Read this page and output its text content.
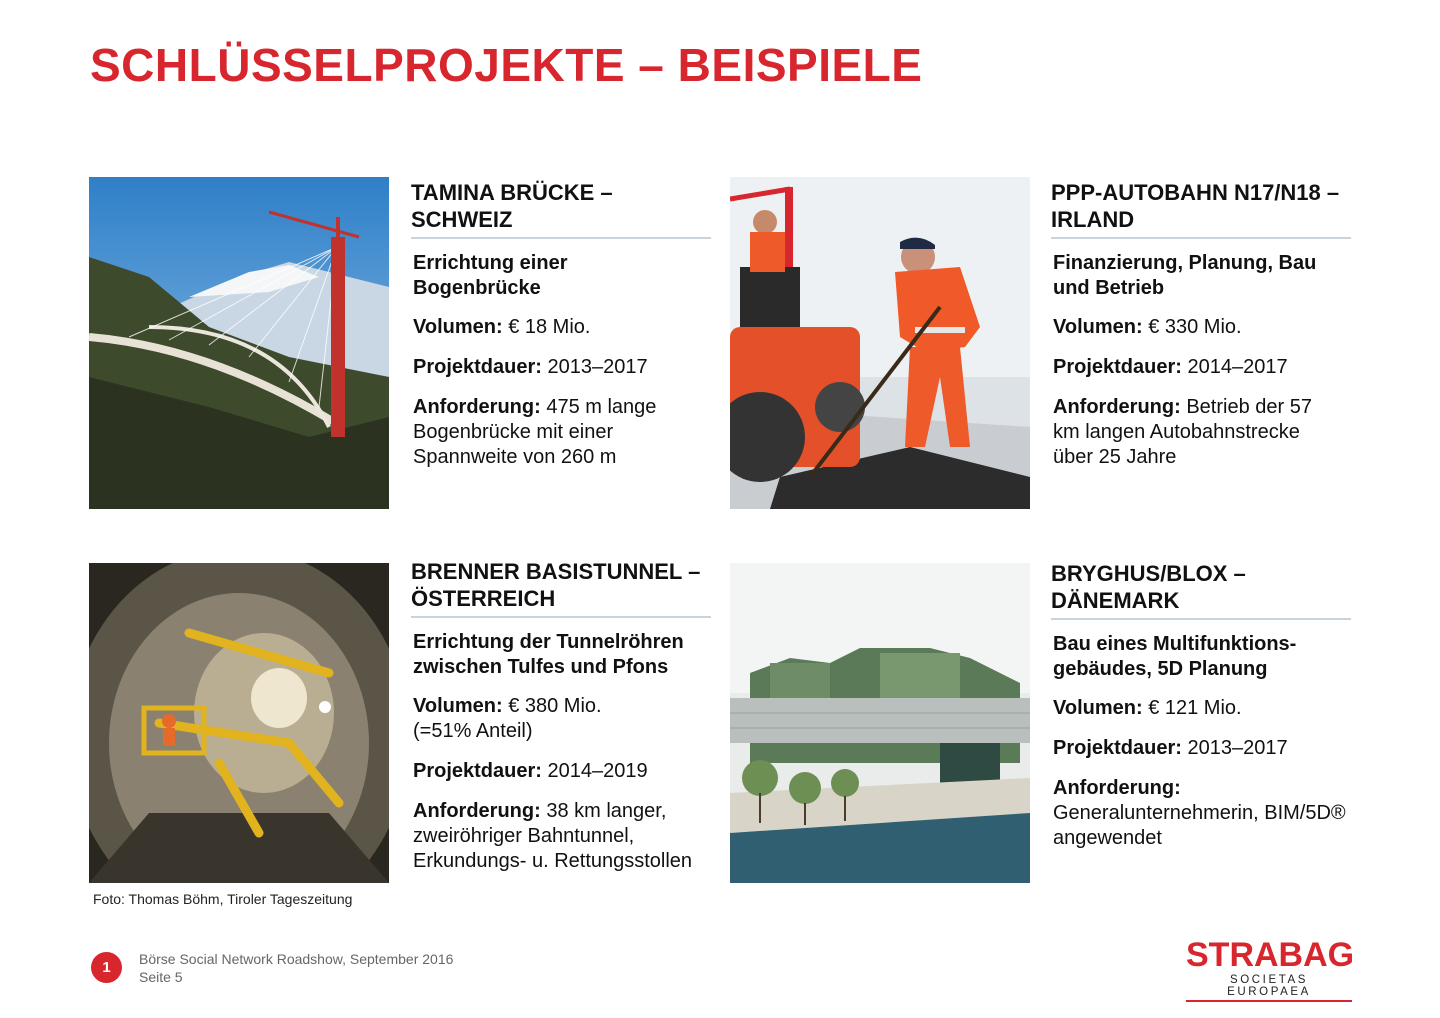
SCHLÜSSELPROJEKTE – BEISPIELE
TAMINA BRÜCKE –
SCHWEIZ
Errichtung einer
Bogenbrücke
Volumen: € 18 Mio.
Projektdauer: 2013–2017
Anforderung: 475 m lange
Bogenbrücke mit einer
Spannweite von 260 m
PPP-AUTOBAHN N17/N18 –
IRLAND
Finanzierung, Planung, Bau
und Betrieb
Volumen: € 330 Mio.
Projektdauer: 2014–2017
Anforderung: Betrieb der 57
km langen Autobahnstrecke
über 25 Jahre
Foto: Thomas Böhm, Tiroler Tageszeitung
BRENNER BASISTUNNEL –
ÖSTERREICH
Errichtung der Tunnelröhren
zwischen Tulfes und Pfons
Volumen: € 380 Mio.
(=51% Anteil)
Projektdauer: 2014–2019
Anforderung: 38 km langer,
zweiröhriger Bahntunnel,
Erkundungs- u. Rettungsstollen
BRYGHUS/BLOX –
DÄNEMARK
Bau eines Multifunktions-
gebäudes, 5D Planung
Volumen: € 121 Mio.
Projektdauer: 2013–2017
Anforderung:
Generalunternehmerin, BIM/5D®
angewendet
1	Börse Social Network Roadshow, September 2016
Seite 5
STRABAG
SOCIETAS EUROPAEA
